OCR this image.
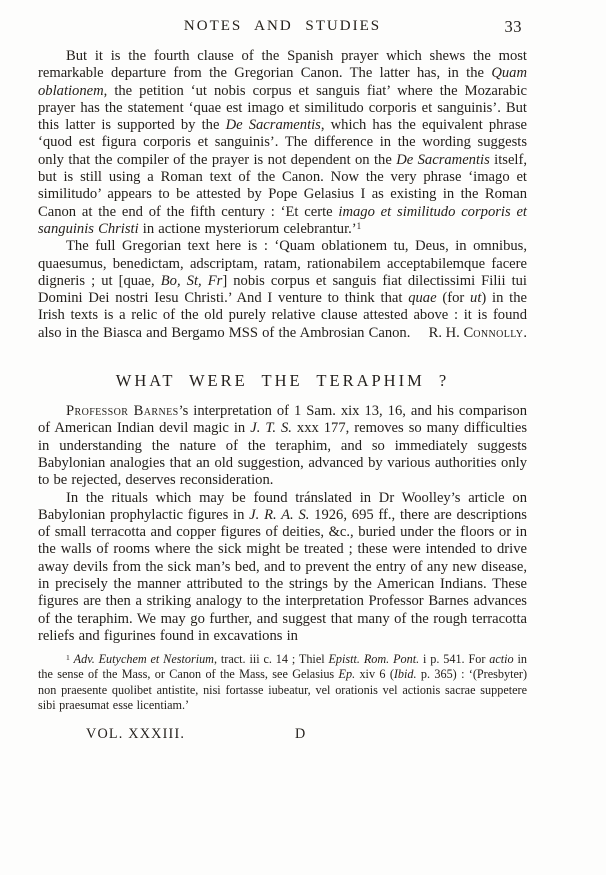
NOTES AND STUDIES	33

But it is the fourth clause of the Spanish prayer which shews the most remarkable departure from the Gregorian Canon. The latter has, in the Quam oblationem, the petition ‘ut nobis corpus et sanguis fiat’ where the Mozarabic prayer has the statement ‘quae est imago et similitudo corporis et sanguinis’. But this latter is supported by the De Sacramentis, which has the equivalent phrase ‘quod est figura corporis et sanguinis’. The difference in the wording suggests only that the compiler of the prayer is not dependent on the De Sacramentis itself, but is still using a Roman text of the Canon. Now the very phrase ‘imago et similitudo’ appears to be attested by Pope Gelasius I as existing in the Roman Canon at the end of the fifth century : ‘Et certe imago et similitudo corporis et sanguinis Christi in actione mysteriorum celebrantur.’$^1$

The full Gregorian text here is : ‘Quam oblationem tu, Deus, in omnibus, quaesumus, benedictam, adscriptam, ratam, rationabilem acceptabilemque facere digneris ; ut [quae, Bo, St, Fr] nobis corpus et sanguis fiat dilectissimi Filii tui Domini Dei nostri Iesu Christi.’ And I venture to think that quae (for ut) in the Irish texts is a relic of the old purely relative clause attested above : it is found also in the Biasca and Bergamo MSS of the Ambrosian Canon.	R. H. Connolly.
WHAT WERE THE TERAPHIM ?

Professor Barnes’s interpretation of 1 Sam. xix 13, 16, and his comparison of American Indian devil magic in J. T. S. xxx 177, removes so many difficulties in understanding the nature of the teraphim, and so immediately suggests Babylonian analogies that an old suggestion, advanced by various authorities only to be rejected, deserves reconsideration.

In the rituals which may be found tránslated in Dr Woolley’s article on Babylonian prophylactic figures in J. R. A. S. 1926, 695 ff., there are descriptions of small terracotta and copper figures of deities, &c., buried under the floors or in the walls of rooms where the sick might be treated ; these were intended to drive away devils from the sick man’s bed, and to prevent the entry of any new disease, in precisely the manner attributed to the strings by the American Indians. These figures are then a striking analogy to the interpretation Professor Barnes advances of the teraphim. We may go further, and suggest that many of the rough terracotta reliefs and figurines found in excavations in

$^1$ Adv. Eutychem et Nestorium, tract. iii c. 14 ; Thiel Epistt. Rom. Pont. i p. 541. For actio in the sense of the Mass, or Canon of the Mass, see Gelasius Ep. xiv 6 (Ibid. p. 365) : ‘(Presbyter) non praesente quolibet antistite, nisi fortasse iubeatur, vel orationis vel actionis sacrae suppetere sibi praesumat esse licentiam.’
VOL. XXXIII.	D
